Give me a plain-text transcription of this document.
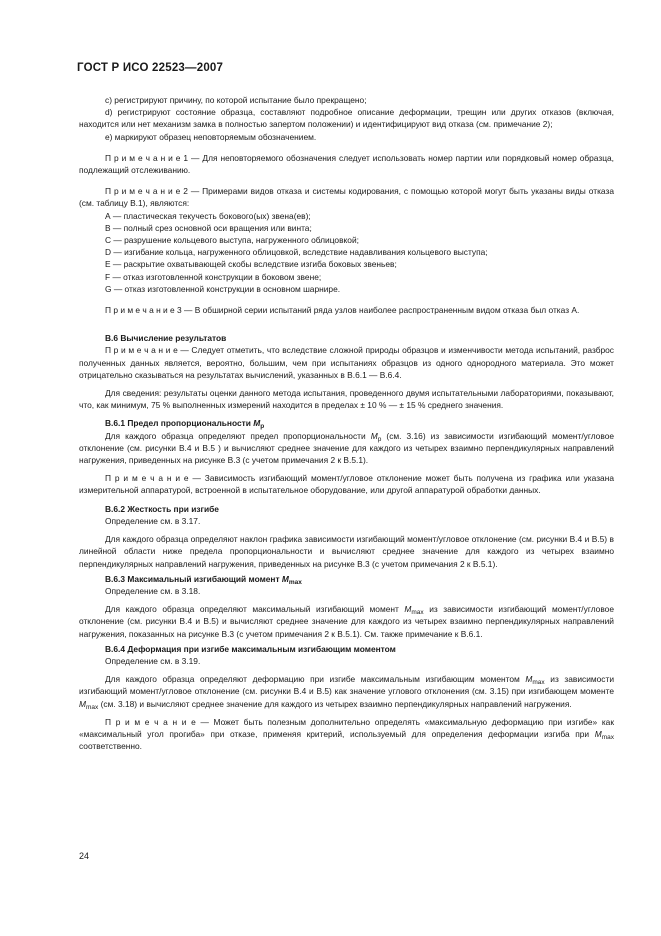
ГОСТ Р ИСО 22523—2007

c) регистрируют причину, по которой испытание было прекращено;

d) регистрируют состояние образца, составляют подробное описание деформации, трещин или других отказов (включая, находится или нет механизм замка в полностью запертом положении) и идентифицируют вид отказа (см. примечание 2);

e) маркируют образец неповторяемым обозначением.

П р и м е ч а н и е 1 — Для неповторяемого обозначения следует использовать номер партии или порядковый номер образца, подлежащий отслеживанию.

П р и м е ч а н и е 2 — Примерами видов отказа и системы кодирования, с помощью которой могут быть указаны виды отказа (см. таблицу В.1), являются:

А — пластическая текучесть бокового(ых) звена(ев);

В — полный срез основной оси вращения или винта;

С — разрушение кольцевого выступа, нагруженного облицовкой;

D — изгибание кольца, нагруженного облицовкой, вследствие надавливания кольцевого выступа;

Е — раскрытие охватывающей скобы вследствие изгиба боковых звеньев;

F — отказ изготовленной конструкции в боковом звене;

G — отказ изготовленной конструкции в основном шарнире.

П р и м е ч а н и е 3 — В обширной серии испытаний ряда узлов наиболее распространенным видом отказа был отказ А.

В.6 Вычисление результатов

П р и м е ч а н и е — Следует отметить, что вследствие сложной природы образцов и изменчивости метода испытаний, разброс полученных данных является, вероятно, большим, чем при испытаниях образцов из одного однородного материала. Это может отрицательно сказываться на результатах вычислений, указанных в В.6.1 — В.6.4.

Для сведения: результаты оценки данного метода испытания, проведенного двумя испытательными лабораториями, показывают, что, как минимум, 75 % выполненных измерений находится в пределах ± 10 % — ± 15 % среднего значения.

В.6.1 Предел пропорциональности $M_p$

Для каждого образца определяют предел пропорциональности $M_p$ (см. 3.16) из зависимости изгибающий момент/угловое отклонение (см. рисунки В.4 и В.5 ) и вычисляют среднее значение для каждого из четырех взаимно перпендикулярных направлений нагружения, приведенных на рисунке В.3 (с учетом примечания 2 к В.5.1).

П р и м е ч а н и е — Зависимость изгибающий момент/угловое отклонение может быть получена из графика или указана измерительной аппаратурой, встроенной в испытательное оборудование, или другой аппаратурой обработки данных.

В.6.2 Жесткость при изгибе

Определение см. в 3.17.

Для каждого образца определяют наклон графика зависимости изгибающий момент/угловое отклонение (см. рисунки В.4 и В.5) в линейной области ниже предела пропорциональности и вычисляют среднее значение для каждого из четырех взаимно перпендикулярных направлений нагружения, приведенных на рисунке В.3 (с учетом примечания 2 к В.5.1).

В.6.3 Максимальный изгибающий момент $M_{max}$

Определение см. в 3.18.

Для каждого образца определяют максимальный изгибающий момент $M_{max}$ из зависимости изгибающий момент/угловое отклонение (см. рисунки В.4 и В.5) и вычисляют среднее значение для каждого из четырех взаимно перпендикулярных направлений нагружения, показанных на рисунке В.3 (с учетом примечания 2 к В.5.1). См. также примечание к В.6.1.

В.6.4 Деформация при изгибе максимальным изгибающим моментом

Определение см. в 3.19.

Для каждого образца определяют деформацию при изгибе максимальным изгибающим моментом $M_{max}$ из зависимости изгибающий момент/угловое отклонение (см. рисунки В.4 и В.5) как значение углового отклонения (см. 3.15) при изгибающем моменте $M_{max}$ (см. 3.18) и вычисляют среднее значение для каждого из четырех взаимно перпендикулярных направлений нагружения.

П р и м е ч а н и е — Может быть полезным дополнительно определять «максимальную деформацию при изгибе» как «максимальный угол прогиба» при отказе, применяя критерий, используемый для определения деформации изгиба при $M_{max}$ соответственно.

24
